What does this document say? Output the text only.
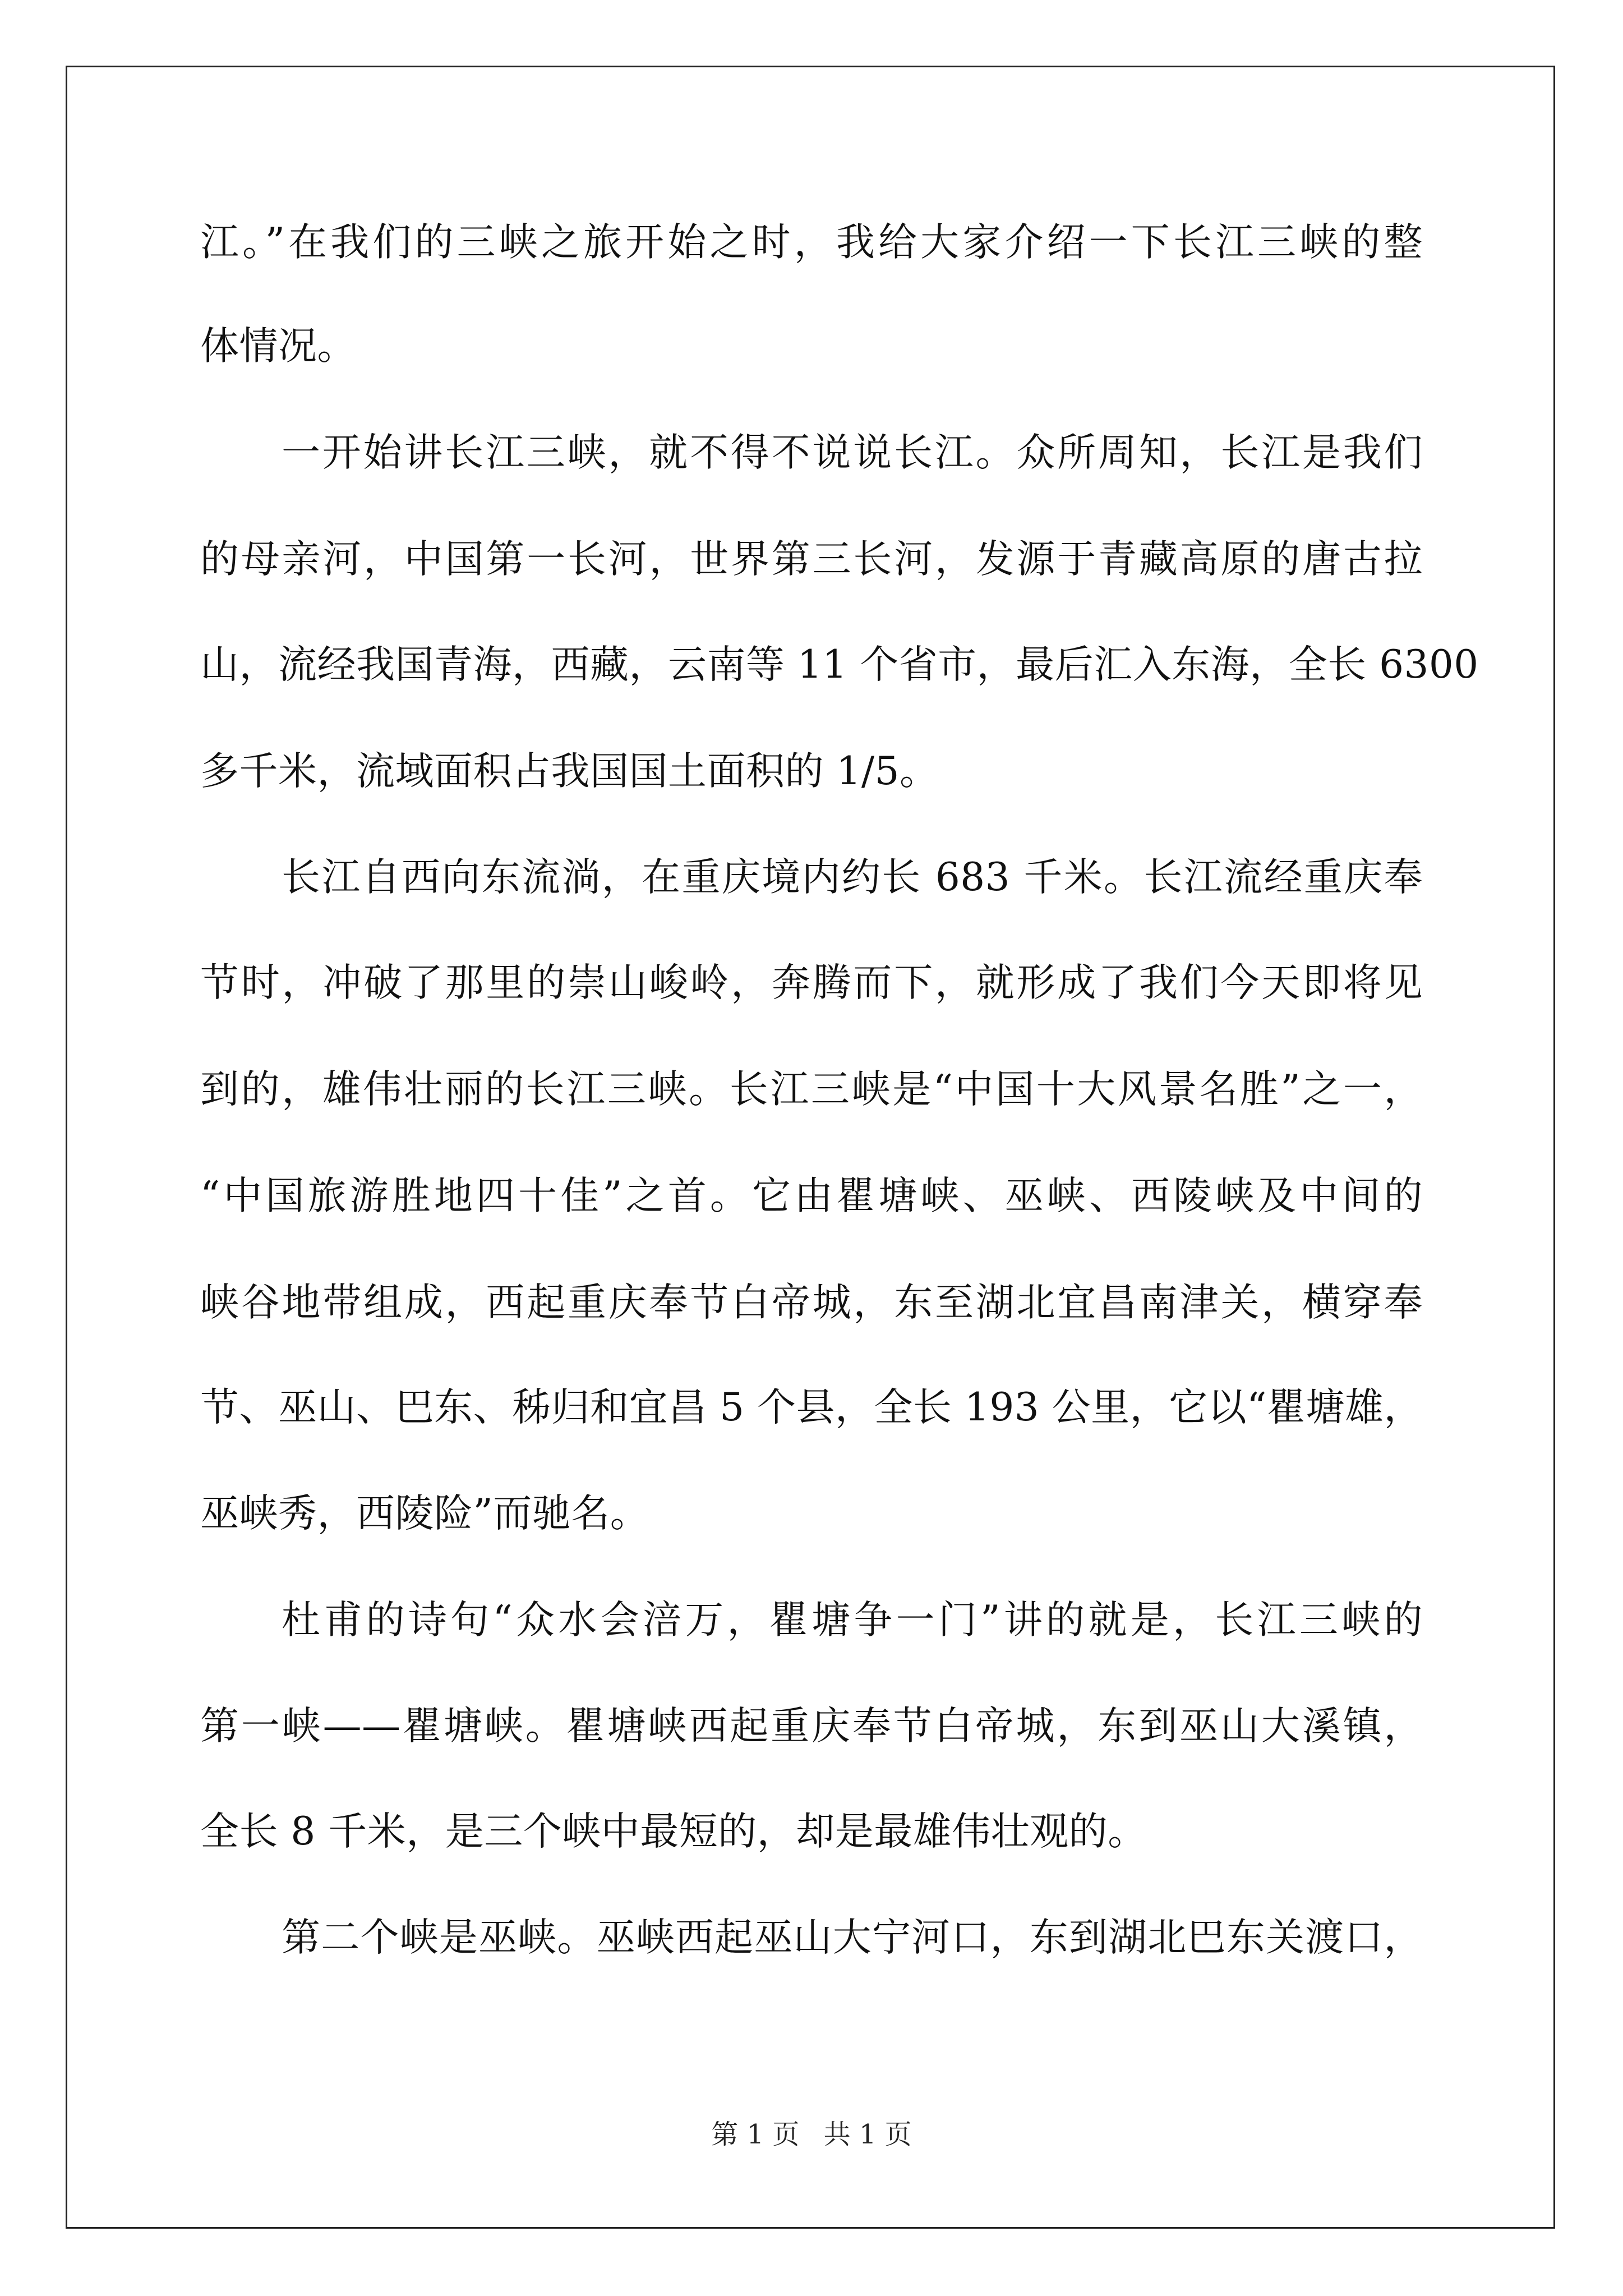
江。”在我们的三峡之旅开始之时，我给大家介绍一下长江三峡的整
体情况。
一开始讲长江三峡，就不得不说说长江。众所周知，长江是我们
的母亲河，中国第一长河，世界第三长河，发源于青藏高原的唐古拉
山，流经我国青海，西藏，云南等 11 个省市，最后汇入东海，全长 6300
多千米，流域面积占我国国土面积的 1/5。
长江自西向东流淌，在重庆境内约长 683 千米。长江流经重庆奉
节时，冲破了那里的崇山峻岭，奔腾而下，就形成了我们今天即将见
到的，雄伟壮丽的长江三峡。长江三峡是“中国十大风景名胜”之一，
“中国旅游胜地四十佳”之首。它由瞿塘峡、巫峡、西陵峡及中间的
峡谷地带组成，西起重庆奉节白帝城，东至湖北宜昌南津关，横穿奉
节、巫山、巴东、秭归和宜昌 5 个县，全长 193 公里，它以“瞿塘雄，
巫峡秀，西陵险”而驰名。
杜甫的诗句“众水会涪万，瞿塘争一门”讲的就是，长江三峡的
第一峡——瞿塘峡。瞿塘峡西起重庆奉节白帝城，东到巫山大溪镇，
全长 8 千米，是三个峡中最短的，却是最雄伟壮观的。
第二个峡是巫峡。巫峡西起巫山大宁河口，东到湖北巴东关渡口，
第 1 页 共 1 页
